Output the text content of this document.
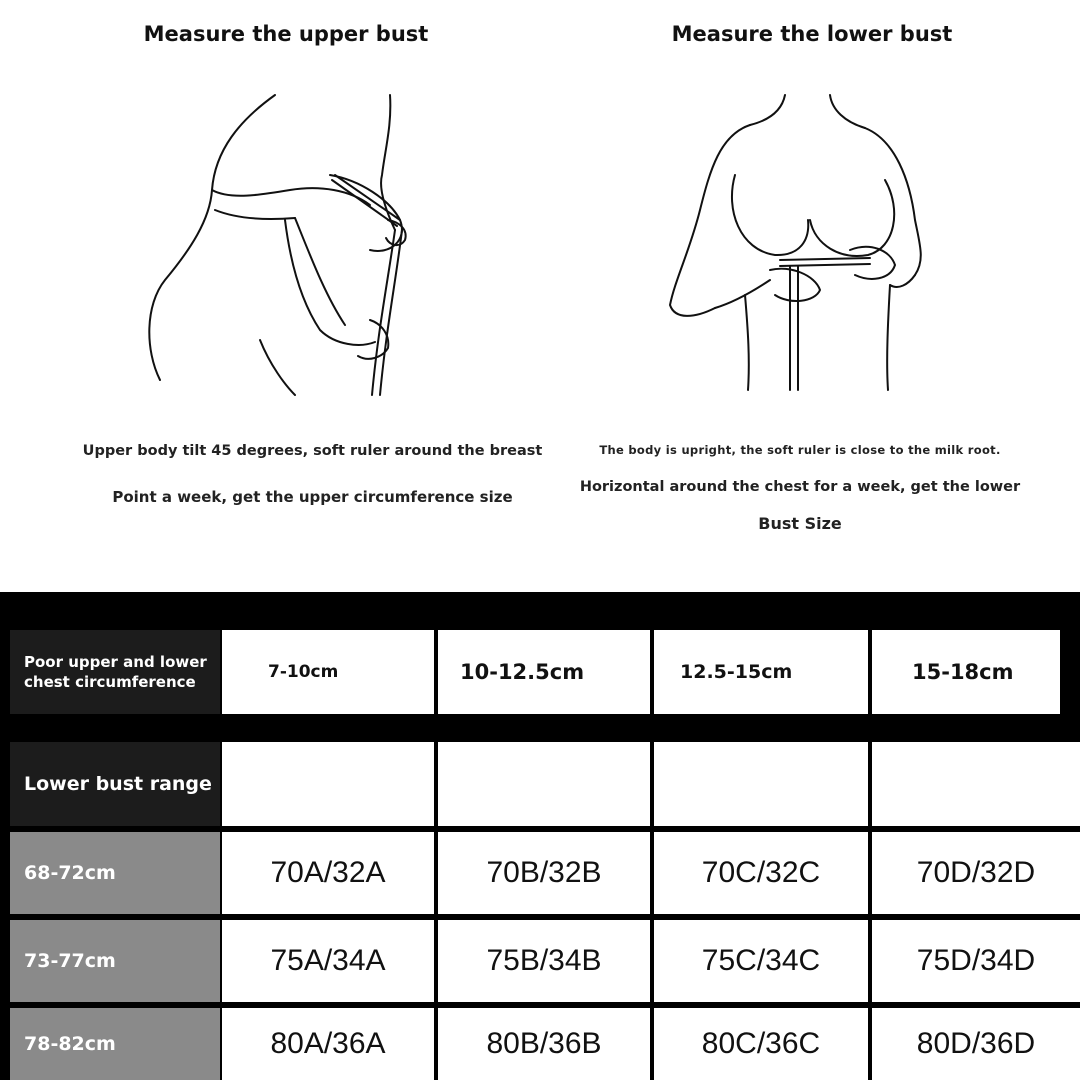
Measure the upper bust	Measure the lower bust
Upper body tilt 45 degrees, soft ruler around the breast
Point a week, get the upper circumference size
The body is upright, the soft ruler is close to the milk root.
Horizontal around the chest for a week, get the lower
Bust Size
Poor upper and lower chest circumference	7-10cm	10-12.5cm	12.5-15cm	15-18cm
Lower bust range
68-72cm	70A/32A	70B/32B	70C/32C	70D/32D
73-77cm	75A/34A	75B/34B	75C/34C	75D/34D
78-82cm	80A/36A	80B/36B	80C/36C	80D/36D
